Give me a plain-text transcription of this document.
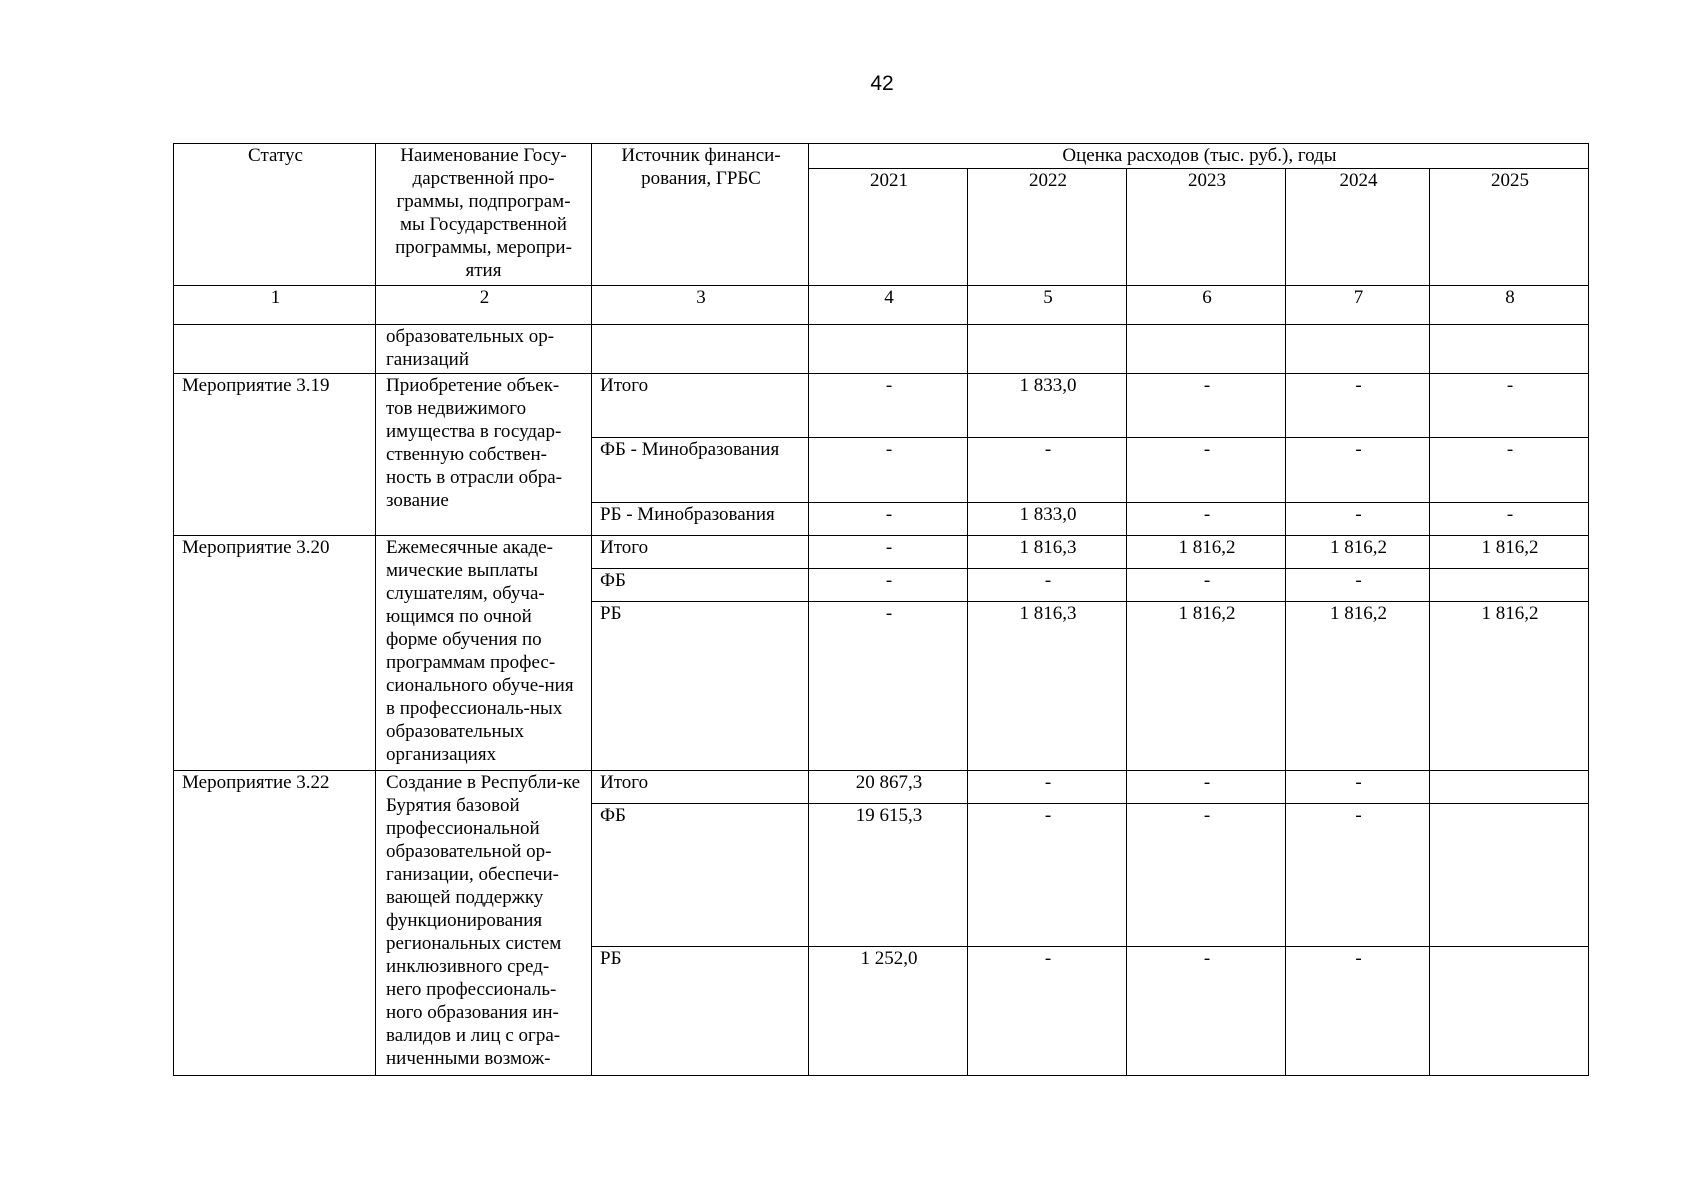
42
Статус	Наименование Госу-дарственной про-граммы, подпрограм-мы Государственной программы, меропри-ятия	Источник финанси-рования, ГРБС	Оценка расходов (тыс. руб.), годы				
			2021	2022	2023	2024	2025
1	2	3	4	5	6	7	8
	образовательных ор-ганизаций						
Мероприятие 3.19	Приобретение объек-тов недвижимого имущества в государ-ственную собствен-ность в отрасли обра-зование	Итого	-	1 833,0	-	-	-
		ФБ - Минобразования	-	-	-	-	-
		РБ - Минобразования	-	1 833,0	-	-	-
Мероприятие 3.20	Ежемесячные акаде-мические выплаты слушателям, обуча-ющимся по очной форме обучения по программам профес-сионального обуче-ния в профессиональ-ных образовательных организациях	Итого	-	1 816,3	1 816,2	1 816,2	1 816,2
		ФБ	-	-	-	-	
		РБ	-	1 816,3	1 816,2	1 816,2	1 816,2
Мероприятие 3.22	Создание в Республи-ке Бурятия базовой профессиональной образовательной ор-ганизации, обеспечи-вающей поддержку функционирования региональных систем инклюзивного сред-него профессиональ-ного образования ин-валидов и лиц с огра-ниченными возмож-	Итого	20 867,3	-	-	-	
		ФБ	19 615,3	-	-	-	
		РБ	1 252,0	-	-	-	
